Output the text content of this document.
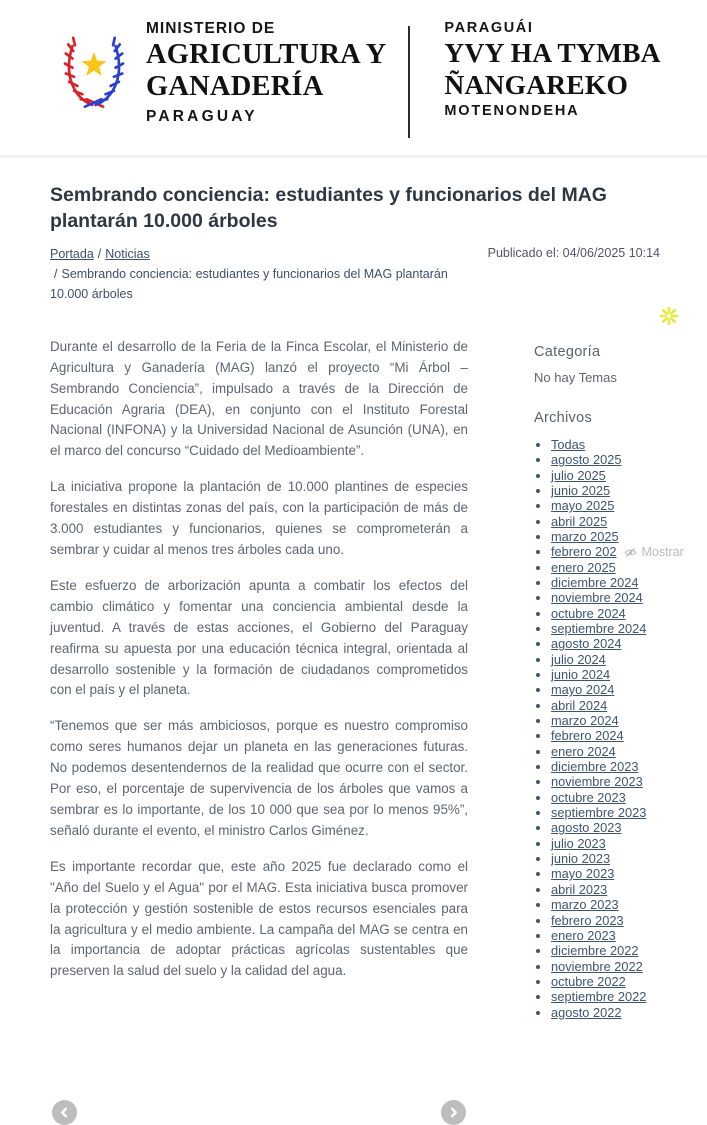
MINISTERIO DE
AGRICULTURA Y
GANADERÍA
PARAGUAY
PARAGUÁI
YVY HA TYMBA
ÑANGAREKO
MOTENONDEHA
Sembrando conciencia: estudiantes y funcionarios del MAG plantarán 10.000 árboles
Portada / Noticias
/ Sembrando conciencia: estudiantes y funcionarios del MAG plantarán 10.000 árboles
Publicado el: 04/06/2025 10:14

Durante el desarrollo de la Feria de la Finca Escolar, el Ministerio de Agricultura y Ganadería (MAG) lanzó el proyecto “Mi Árbol – Sembrando Conciencia”, impulsado a través de la Dirección de Educación Agraria (DEA), en conjunto con el Instituto Forestal Nacional (INFONA) y la Universidad Nacional de Asunción (UNA), en el marco del concurso “Cuidado del Medioambiente”.

La iniciativa propone la plantación de 10.000 plantines de especies forestales en distintas zonas del país, con la participación de más de 3.000 estudiantes y funcionarios, quienes se comprometerán a sembrar y cuidar al menos tres árboles cada uno.

Este esfuerzo de arborización apunta a combatir los efectos del cambio climático y fomentar una conciencia ambiental desde la juventud. A través de estas acciones, el Gobierno del Paraguay reafirma su apuesta por una educación técnica integral, orientada al desarrollo sostenible y la formación de ciudadanos comprometidos con el país y el planeta.

“Tenemos que ser más ambiciosos, porque es nuestro compromiso como seres humanos dejar un planeta en las generaciones futuras. No podemos desentendernos de la realidad que ocurre con el sector. Por eso, el porcentaje de supervivencia de los árboles que vamos a sembrar es lo importante, de los 10 000 que sea por lo menos 95%”, señaló durante el evento, el ministro Carlos Giménez.

Es importante recordar que, este año 2025 fue declarado como el "Año del Suelo y el Agua" por el MAG. Esta iniciativa busca promover la protección y gestión sostenible de estos recursos esenciales para la agricultura y el medio ambiente. La campaña del MAG se centra en la importancia de adoptar prácticas agrícolas sustentables que preserven la salud del suelo y la calidad del agua.

Categoría
No hay Temas
Archivos
• Todas
• agosto 2025
• julio 2025
• junio 2025
• mayo 2025
• abril 2025
• marzo 2025
• febrero 202 Mostrar
• enero 2025
• diciembre 2024
• noviembre 2024
• octubre 2024
• septiembre 2024
• agosto 2024
• julio 2024
• junio 2024
• mayo 2024
• abril 2024
• marzo 2024
• febrero 2024
• enero 2024
• diciembre 2023
• noviembre 2023
• octubre 2023
• septiembre 2023
• agosto 2023
• julio 2023
• junio 2023
• mayo 2023
• abril 2023
• marzo 2023
• febrero 2023
• enero 2023
• diciembre 2022
• noviembre 2022
• octubre 2022
• septiembre 2022
• agosto 2022
